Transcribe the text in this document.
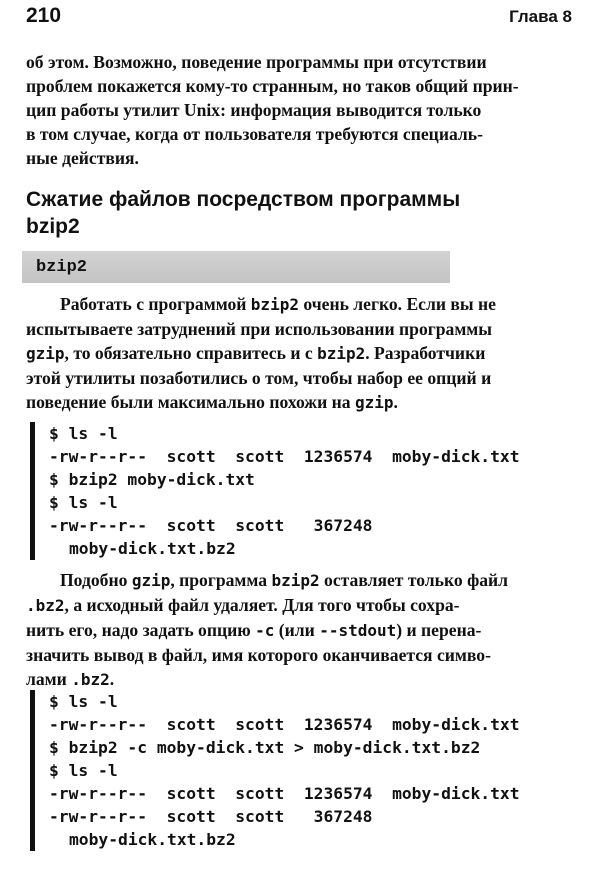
210	Глава 8

об этом. Возможно, поведение программы при отсутствии
проблем покажется кому-то странным, но таков общий прин-
цип работы утилит Unix: информация выводится только
в том случае, когда от пользователя требуются специаль-
ные действия.

Сжатие файлов посредством программы
bzip2
bzip2

Работать с программой bzip2 очень легко. Если вы не
испытываете затруднений при использовании программы
gzip, то обязательно справитесь и с bzip2. Разработчики
этой утилиты позаботились о том, чтобы набор ее опций и
поведение были максимально похожи на gzip.

$ ls -l
-rw-r--r--  scott  scott  1236574  moby-dick.txt
$ bzip2 moby-dick.txt
$ ls -l
-rw-r--r--  scott  scott   367248
moby-dick.txt.bz2

Подобно gzip, программа bzip2 оставляет только файл
.bz2, а исходный файл удаляет. Для того чтобы сохра-
нить его, надо задать опцию -c (или --stdout) и перена-
значить вывод в файл, имя которого оканчивается симво-
лами .bz2.

$ ls -l
-rw-r--r--  scott  scott  1236574  moby-dick.txt
$ bzip2 -c moby-dick.txt > moby-dick.txt.bz2
$ ls -l
-rw-r--r--  scott  scott  1236574  moby-dick.txt
-rw-r--r--  scott  scott   367248
moby-dick.txt.bz2
